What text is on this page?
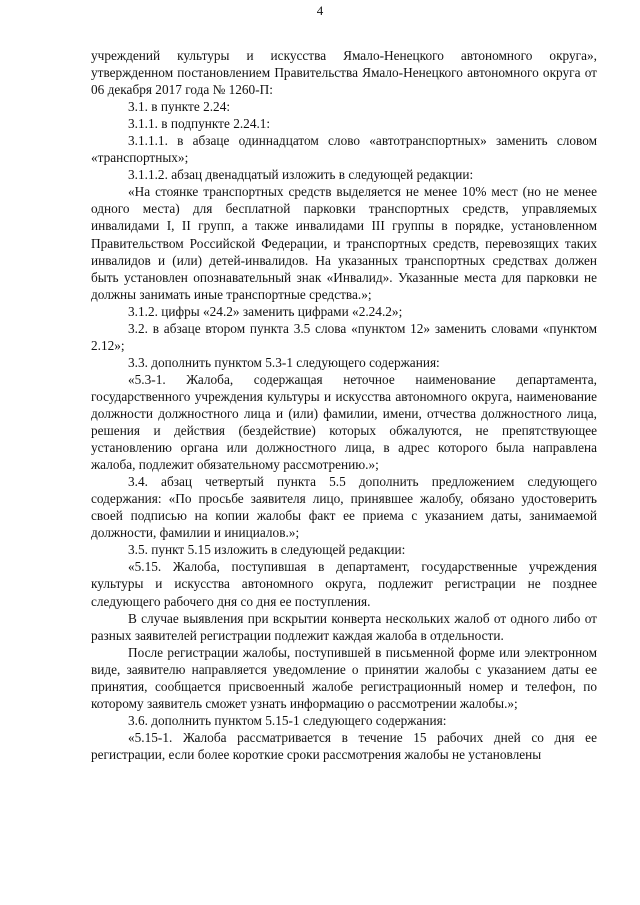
4

учреждений культуры и искусства Ямало-Ненецкого автономного округа», утвержденном постановлением Правительства Ямало-Ненецкого автономного округа от 06 декабря 2017 года № 1260-П:

3.1. в пункте 2.24:

3.1.1. в подпункте 2.24.1:

3.1.1.1. в абзаце одиннадцатом слово «автотранспортных» заменить словом «транспортных»;

3.1.1.2. абзац двенадцатый изложить в следующей редакции:

«На стоянке транспортных средств выделяется не менее 10% мест (но не менее одного места) для бесплатной парковки транспортных средств, управляемых инвалидами I, II групп, а также инвалидами III группы в порядке, установленном Правительством Российской Федерации, и транспортных средств, перевозящих таких инвалидов и (или) детей-инвалидов. На указанных транспортных средствах должен быть установлен опознавательный знак «Инвалид». Указанные места для парковки не должны занимать иные транспортные средства.»;

3.1.2. цифры «24.2» заменить цифрами «2.24.2»;

3.2. в абзаце втором пункта 3.5 слова «пунктом 12» заменить словами «пунктом 2.12»;

3.3. дополнить пунктом 5.3-1 следующего содержания:

«5.3-1. Жалоба, содержащая неточное наименование департамента, государственного учреждения культуры и искусства автономного округа, наименование должности должностного лица и (или) фамилии, имени, отчества должностного лица, решения и действия (бездействие) которых обжалуются, не препятствующее установлению органа или должностного лица, в адрес которого была направлена жалоба, подлежит обязательному рассмотрению.»;

3.4. абзац четвертый пункта 5.5 дополнить предложением следующего содержания: «По просьбе заявителя лицо, принявшее жалобу, обязано удостоверить своей подписью на копии жалобы факт ее приема с указанием даты, занимаемой должности, фамилии и инициалов.»;

3.5. пункт 5.15 изложить в следующей редакции:

«5.15. Жалоба, поступившая в департамент, государственные учреждения культуры и искусства автономного округа, подлежит регистрации не позднее следующего рабочего дня со дня ее поступления.

В случае выявления при вскрытии конверта нескольких жалоб от одного либо от разных заявителей регистрации подлежит каждая жалоба в отдельности.

После регистрации жалобы, поступившей в письменной форме или электронном виде, заявителю направляется уведомление о принятии жалобы с указанием даты ее принятия, сообщается присвоенный жалобе регистрационный номер и телефон, по которому заявитель сможет узнать информацию о рассмотрении жалобы.»;

3.6. дополнить пунктом 5.15-1 следующего содержания:

«5.15-1. Жалоба рассматривается в течение 15 рабочих дней со дня ее регистрации, если более короткие сроки рассмотрения жалобы не установлены
